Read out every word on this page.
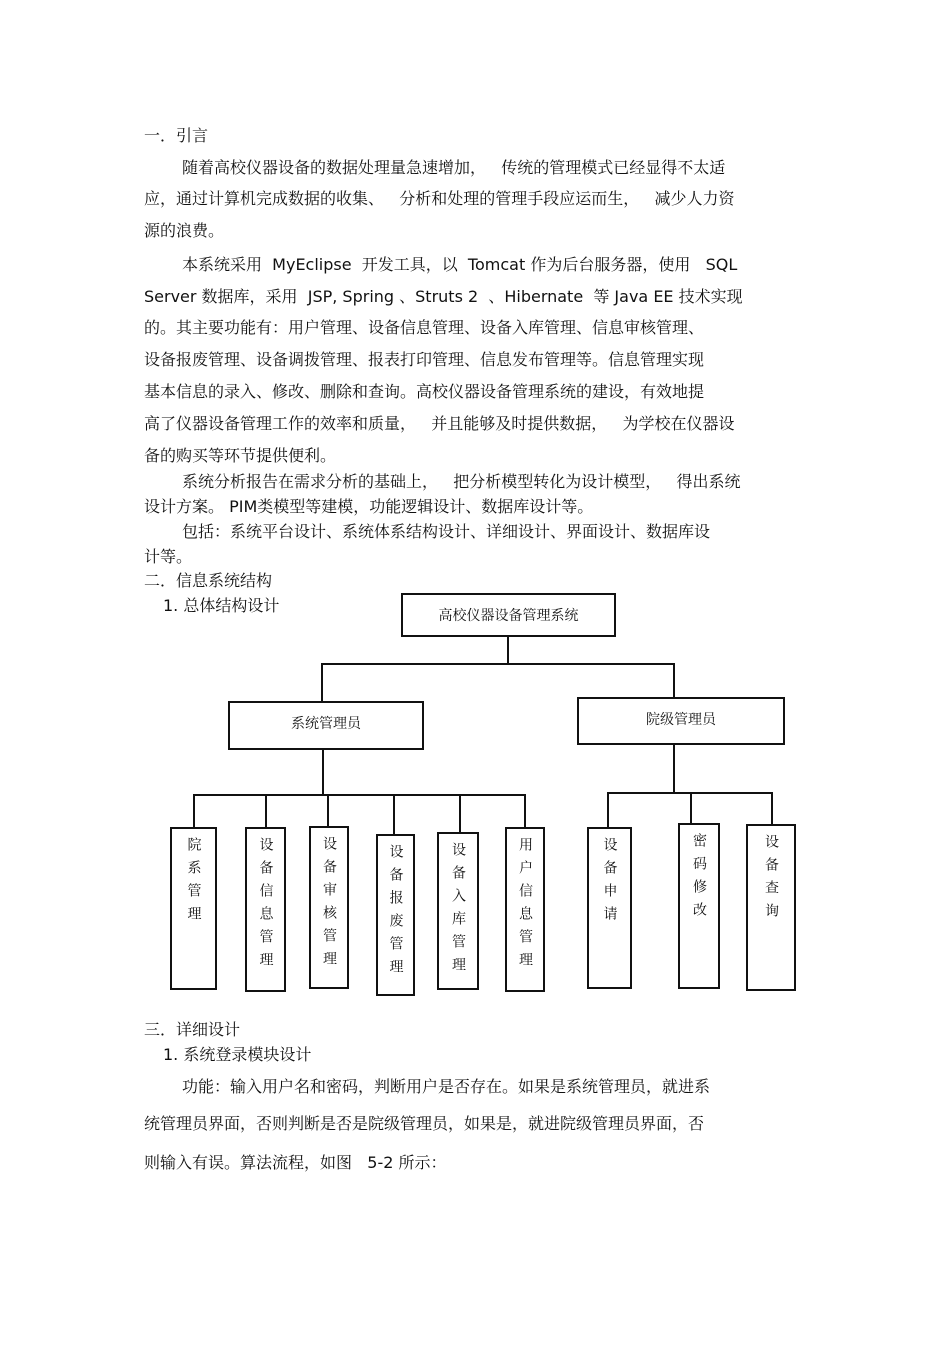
一．引言
随着高校仪器设备的数据处理量急速增加，   传统的管理模式已经显得不太适
应，通过计算机完成数据的收集、   分析和处理的管理手段应运而生，   减少人力资
源的浪费。
本系统采用  MyEclipse  开发工具，以  Tomcat 作为后台服务器，使用   SQL
Server 数据库，采用  JSP, Spring 、Struts 2  、Hibernate  等 Java EE 技术实现
的。其主要功能有：用户管理、设备信息管理、设备入库管理、信息审核管理、
设备报废管理、设备调拨管理、报表打印管理、信息发布管理等。信息管理实现
基本信息的录入、修改、删除和查询。高校仪器设备管理系统的建设，有效地提
高了仪器设备管理工作的效率和质量，   并且能够及时提供数据，   为学校在仪器设
备的购买等环节提供便利。
系统分析报告在需求分析的基础上，   把分析模型转化为设计模型，   得出系统
设计方案。 PIM类模型等建模，功能逻辑设计、数据库设计等。
包括：系统平台设计、系统体系结构设计、详细设计、界面设计、数据库设
计等。
二．信息系统结构
1. 总体结构设计
高校仪器设备管理系统
系统管理员	院级管理员
院系管理	设备信息管理	设备审核管理	设备报废管理	设备入库管理	用户信息管理	设备申请	密码修改	设备查询
三．详细设计
1. 系统登录模块设计
功能：输入用户名和密码，判断用户是否存在。如果是系统管理员，就进系
统管理员界面，否则判断是否是院级管理员，如果是，就进院级管理员界面，否
则输入有误。算法流程，如图   5-2 所示：
